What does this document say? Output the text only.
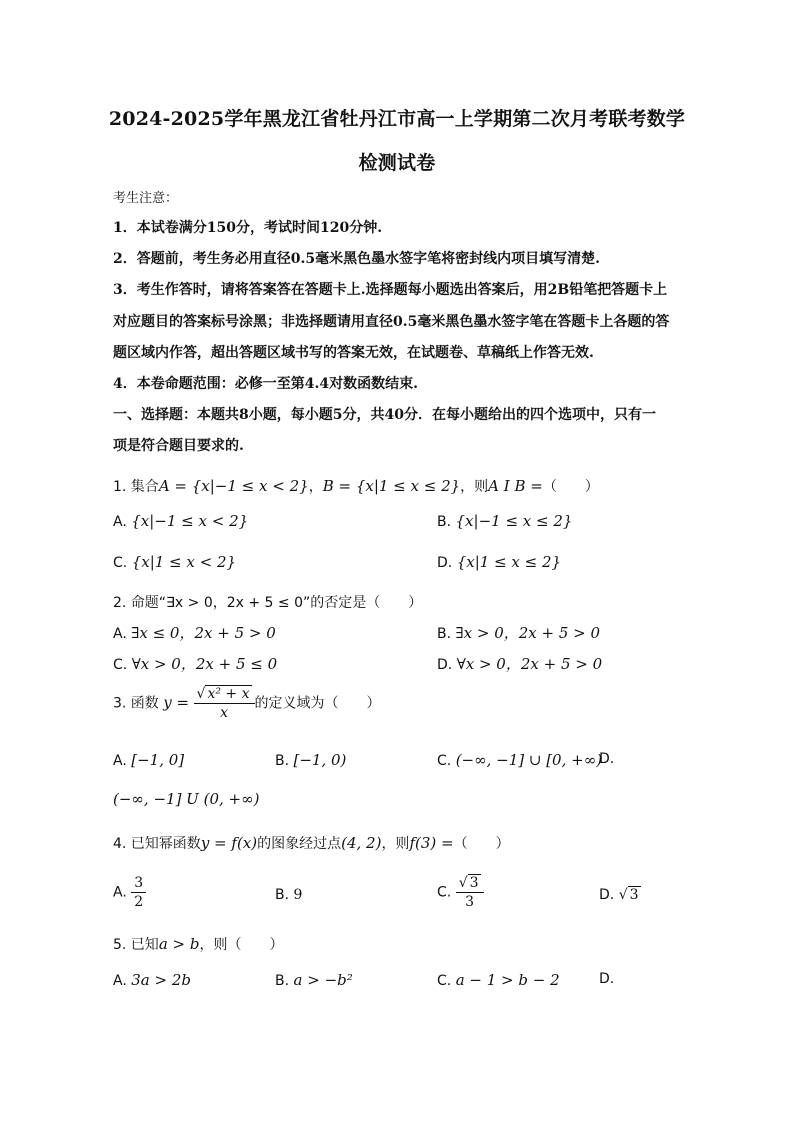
2024-2025学年黑龙江省牡丹江市高一上学期第二次月考联考数学
检测试卷
考生注意：
1．本试卷满分150分，考试时间120分钟.
2．答题前，考生务必用直径0.5毫米黑色墨水签字笔将密封线内项目填写清楚.
3．考生作答时，请将答案答在答题卡上.选择题每小题选出答案后，用2B铅笔把答题卡上
对应题目的答案标号涂黑；非选择题请用直径0.5毫米黑色墨水签字笔在答题卡上各题的答
题区域内作答，超出答题区域书写的答案无效，在试题卷、草稿纸上作答无效.
4．本卷命题范围：必修一至第4.4对数函数结束.
一、选择题：本题共8小题，每小题5分，共40分．在每小题给出的四个选项中，只有一
项是符合题目要求的.
1. 集合A = {x|−1 ≤ x < 2}，B = {x|1 ≤ x ≤ 2}，则A I B =（　　）
A. {x|−1 ≤ x < 2}	B. {x|−1 ≤ x ≤ 2}
C. {x|1 ≤ x < 2}	D. {x|1 ≤ x ≤ 2}
2. 命题“∃x > 0，2x + 5 ≤ 0”的否定是（　　）
A. ∃x ≤ 0，2x + 5 > 0	B. ∃x > 0，2x + 5 > 0
C. ∀x > 0，2x + 5 ≤ 0	D. ∀x > 0，2x + 5 > 0
3. 函数 $y = \frac{\text{√ x² + x}}{x}$ 的定义域为（　　）
A. [−1, 0]	B. [−1, 0)	C. (−∞, −1] ∪ [0, +∞)
D.
(−∞, −1] U (0, +∞)
4. 已知幂函数y = f(x)的图象经过点(4, 2)，则f(3) =（　　）
A. $\frac{3}{2}$	B. 9	C. $\frac{√ 3}{3}$	D. √ 3
5. 已知a > b，则（　　）
A. 3a > 2b	B. a > −b²	C. a − 1 > b − 2	D.
